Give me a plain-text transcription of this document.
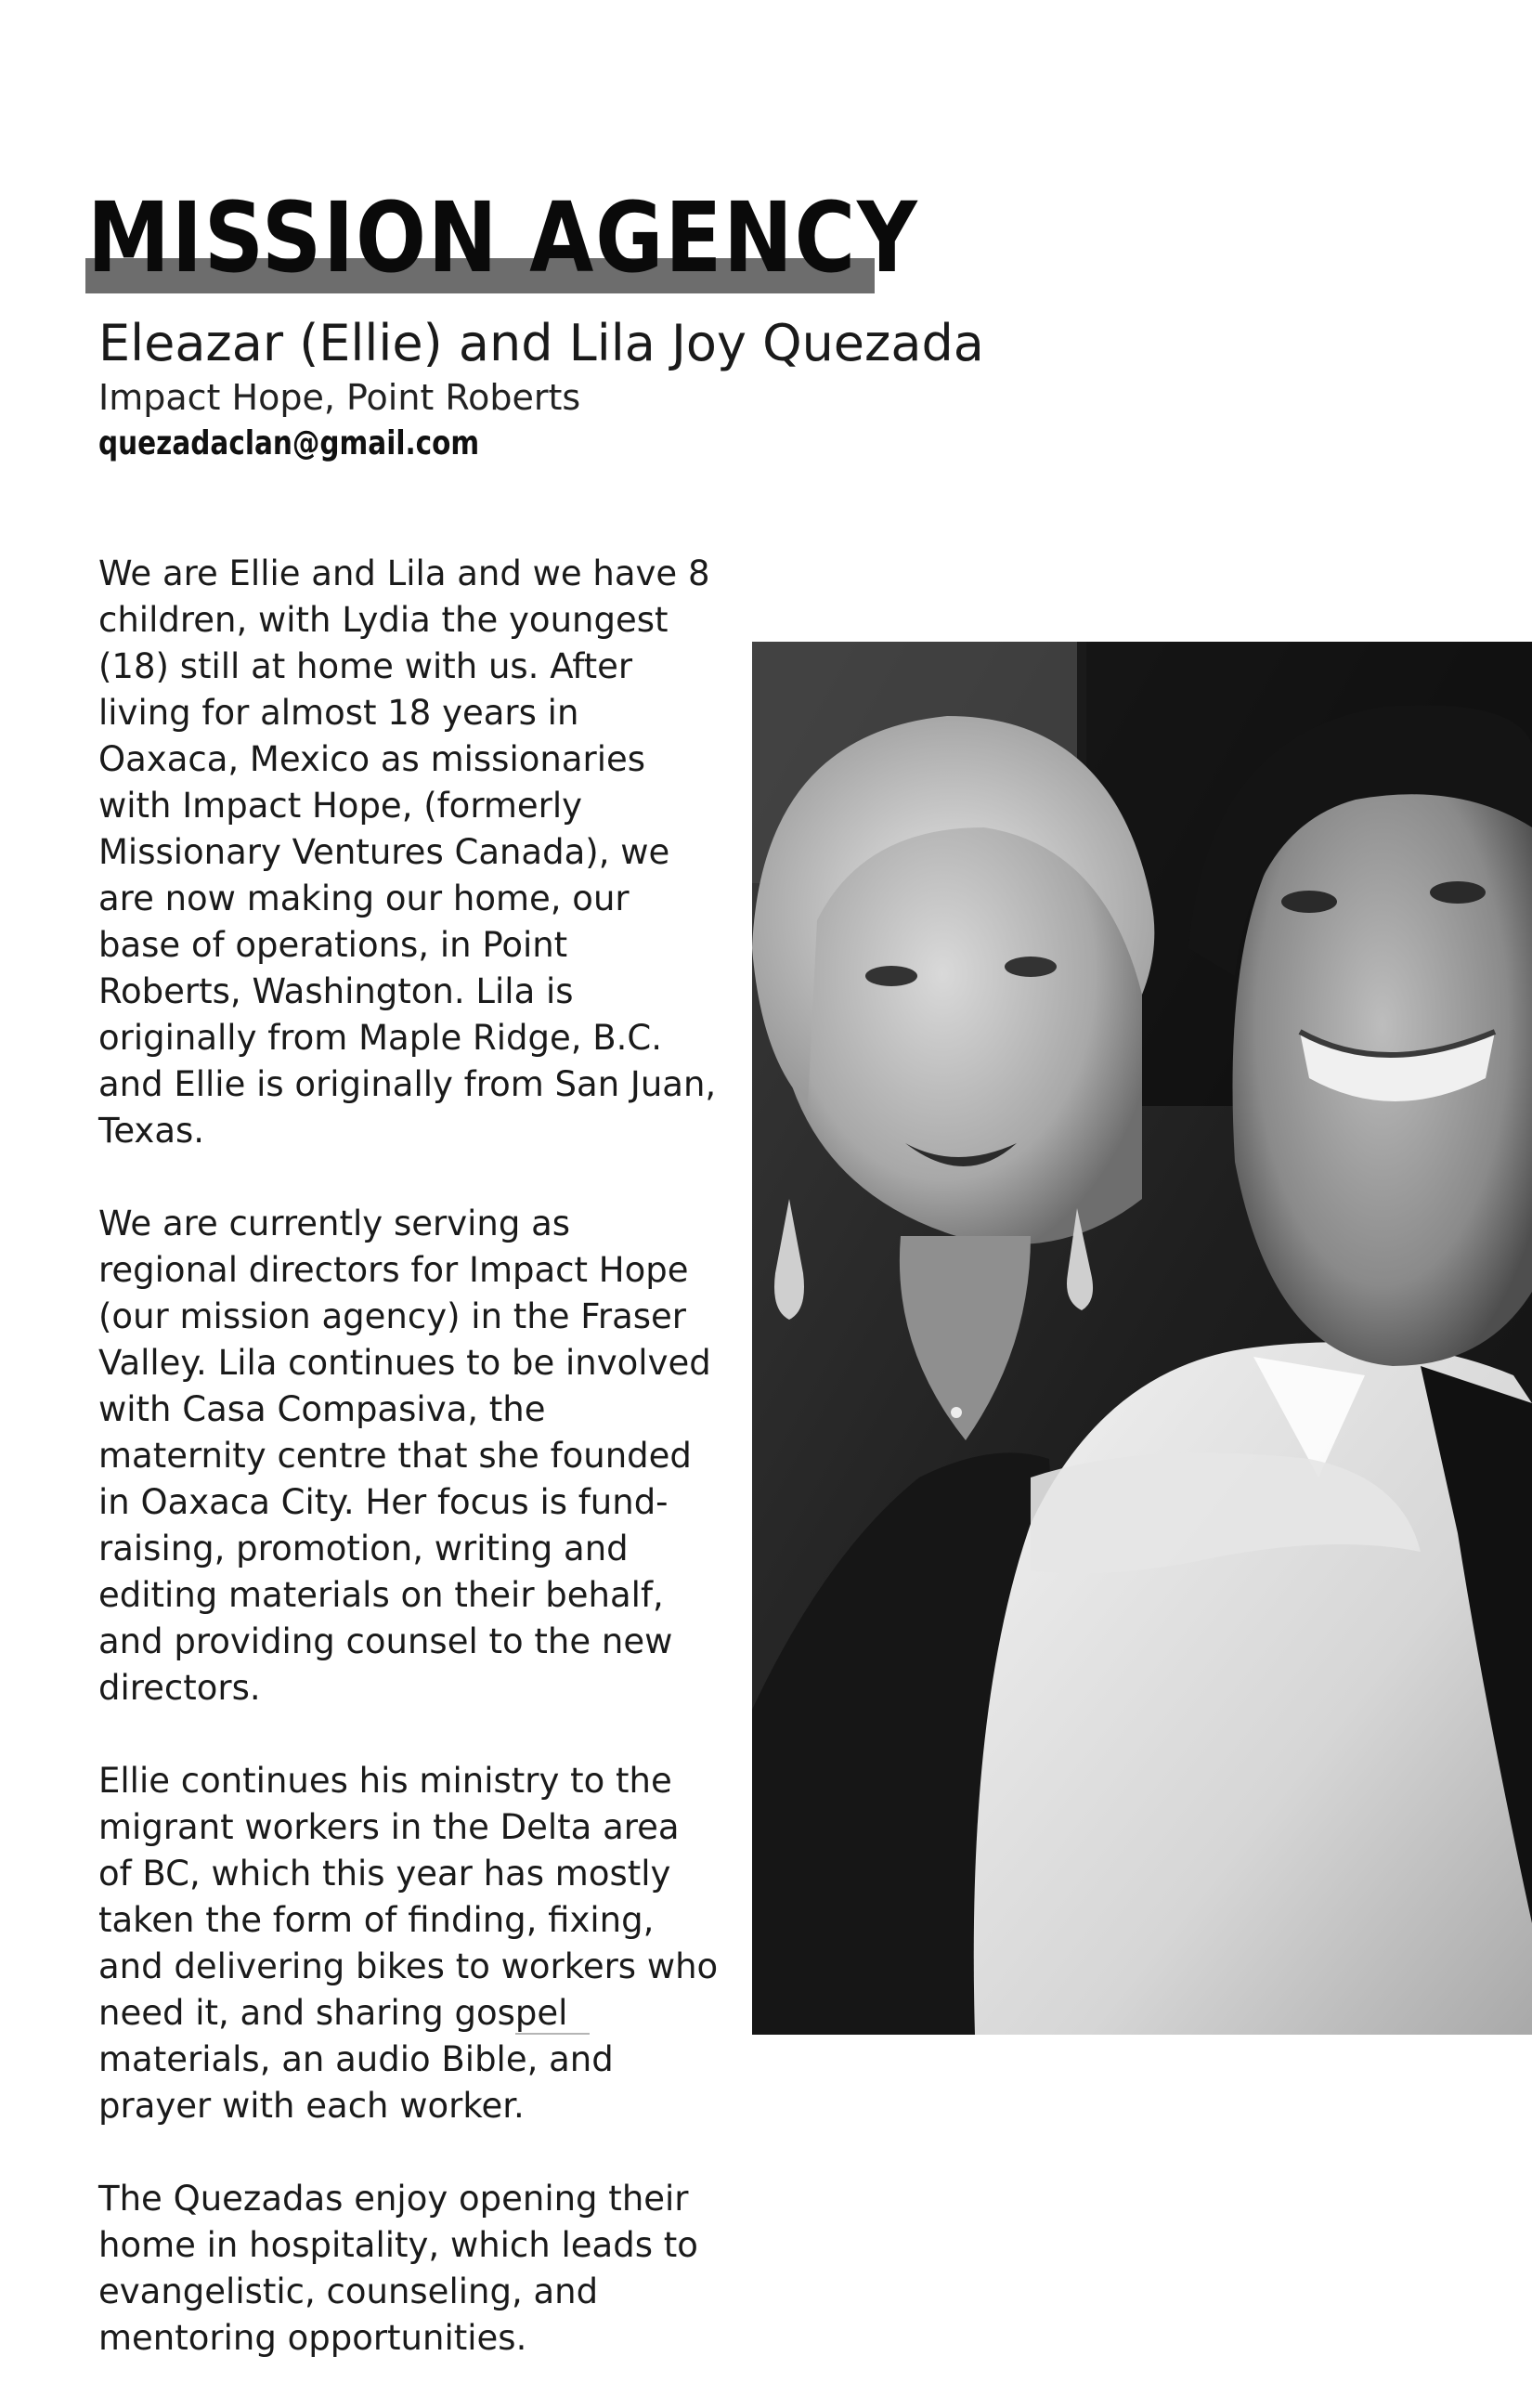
MISSION AGENCY
Eleazar (Ellie) and Lila Joy Quezada
Impact Hope, Point Roberts
quezadaclan@gmail.com

We are Ellie and Lila and we have 8 children, with Lydia the youngest (18) still at home with us. After living for almost 18 years in Oaxaca, Mexico as missionaries with Impact Hope, (formerly Missionary Ventures Canada), we are now making our home, our base of operations, in Point Roberts, Washington. Lila is originally from Maple Ridge, B.C. and Ellie is originally from San Juan, Texas.

We are currently serving as regional directors for Impact Hope (our mission agency) in the Fraser Valley. Lila continues to be involved with Casa Compasiva, the maternity centre that she founded in Oaxaca City. Her focus is fund-raising, promotion, writing and editing materials on their behalf, and providing counsel to the new directors.

Ellie continues his ministry to the migrant workers in the Delta area of BC, which this year has mostly taken the form of finding, fixing, and delivering bikes to workers who need it, and sharing gospel materials, an audio Bible, and prayer with each worker.

The Quezadas enjoy opening their home in hospitality, which leads to evangelistic, counseling, and mentoring opportunities.
